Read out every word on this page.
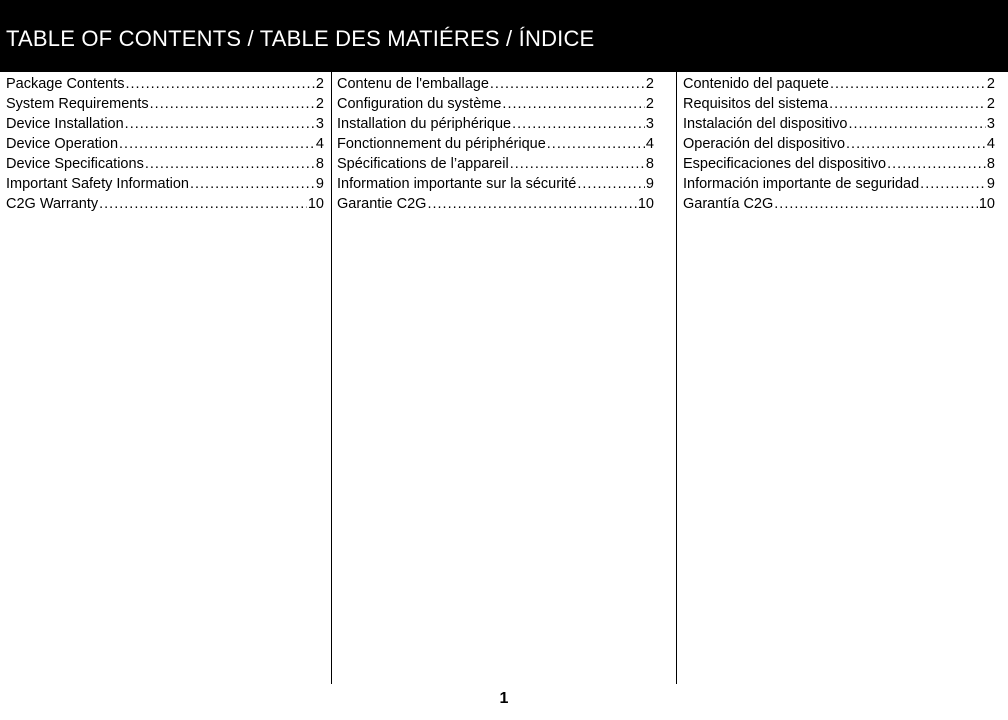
TABLE OF CONTENTS / TABLE DES MATIÉRES / ÍNDICE
Package Contents .....	2
System Requirements .....	2
Device Installation .....	3
Device Operation .....	4
Device Specifications .....	8
Important Safety Information .....	9
C2G Warranty .....	10
Contenu de l'emballage .....	2
Configuration du système .....	2
Installation du périphérique .....	3
Fonctionnement du périphérique .....	4
Spécifications de l’appareil .....	8
Information importante sur la sécurité .....	9
Garantie C2G .....	10
Contenido del paquete .....	2
Requisitos del sistema .....	2
Instalación del dispositivo .....	3
Operación del dispositivo .....	4
Especificaciones del dispositivo .....	8
Información importante de seguridad .....	9
Garantía C2G .....	10
1
